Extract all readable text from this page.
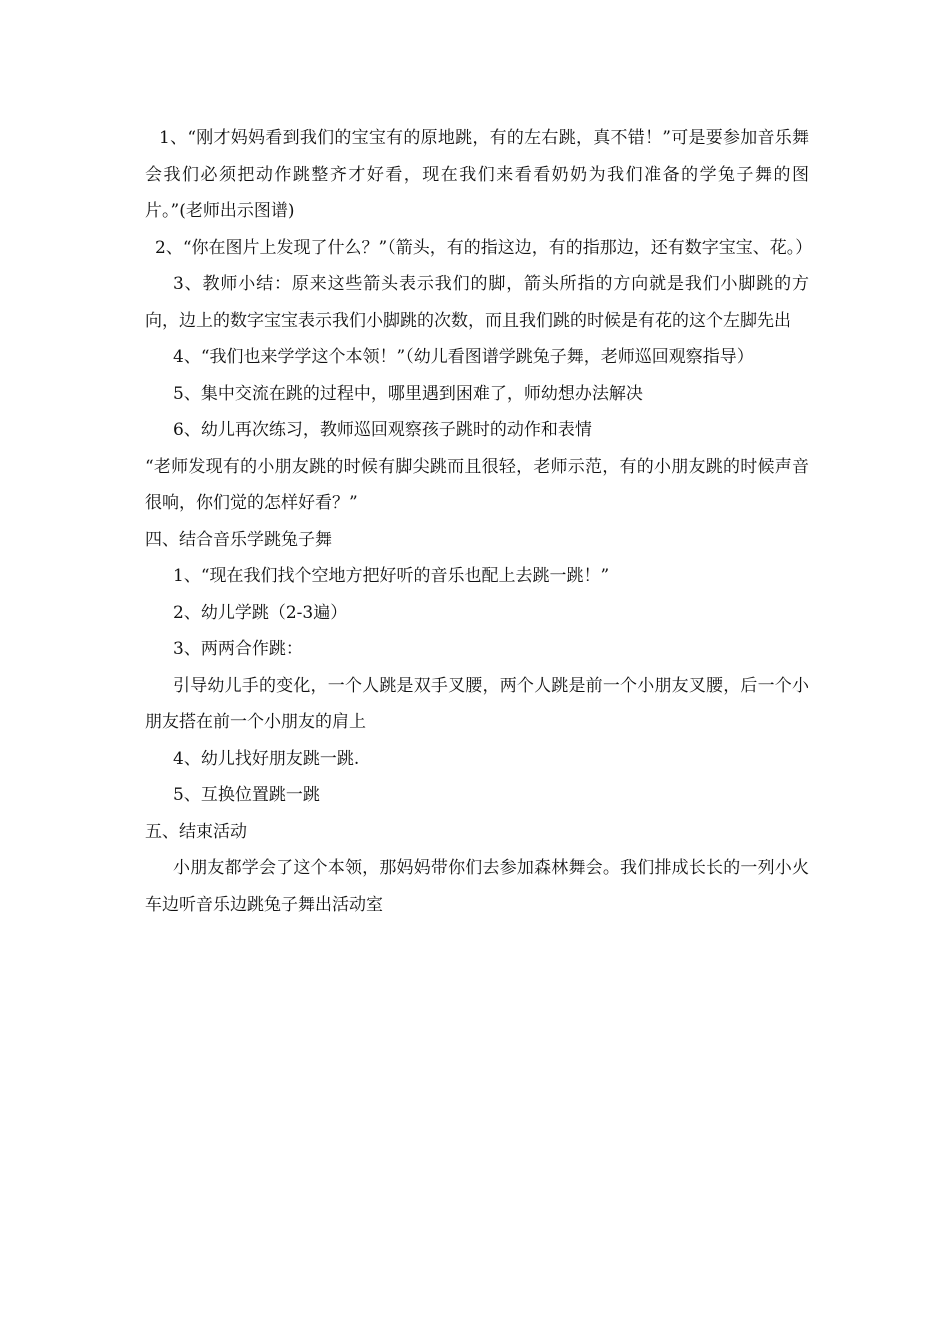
1、“刚才妈妈看到我们的宝宝有的原地跳，有的左右跳，真不错！”可是要参加音乐舞会我们必须把动作跳整齐才好看，现在我们来看看奶奶为我们准备的学兔子舞的图片。”(老师出示图谱)

2、“你在图片上发现了什么？”（箭头，有的指这边，有的指那边，还有数字宝宝、花。）

3、教师小结：原来这些箭头表示我们的脚，箭头所指的方向就是我们小脚跳的方向，边上的数字宝宝表示我们小脚跳的次数，而且我们跳的时候是有花的这个左脚先出

4、“我们也来学学这个本领！”（幼儿看图谱学跳兔子舞，老师巡回观察指导）

5、集中交流在跳的过程中，哪里遇到困难了，师幼想办法解决

6、幼儿再次练习，教师巡回观察孩子跳时的动作和表情

“老师发现有的小朋友跳的时候有脚尖跳而且很轻，老师示范，有的小朋友跳的时候声音很响，你们觉的怎样好看？”

四、结合音乐学跳兔子舞

1、“现在我们找个空地方把好听的音乐也配上去跳一跳！”

2、幼儿学跳（2-3遍）

3、两两合作跳：

引导幼儿手的变化，一个人跳是双手叉腰，两个人跳是前一个小朋友叉腰，后一个小朋友搭在前一个小朋友的肩上

4、幼儿找好朋友跳一跳.

5、互换位置跳一跳

五、结束活动

小朋友都学会了这个本领，那妈妈带你们去参加森林舞会。我们排成长长的一列小火车边听音乐边跳兔子舞出活动室
